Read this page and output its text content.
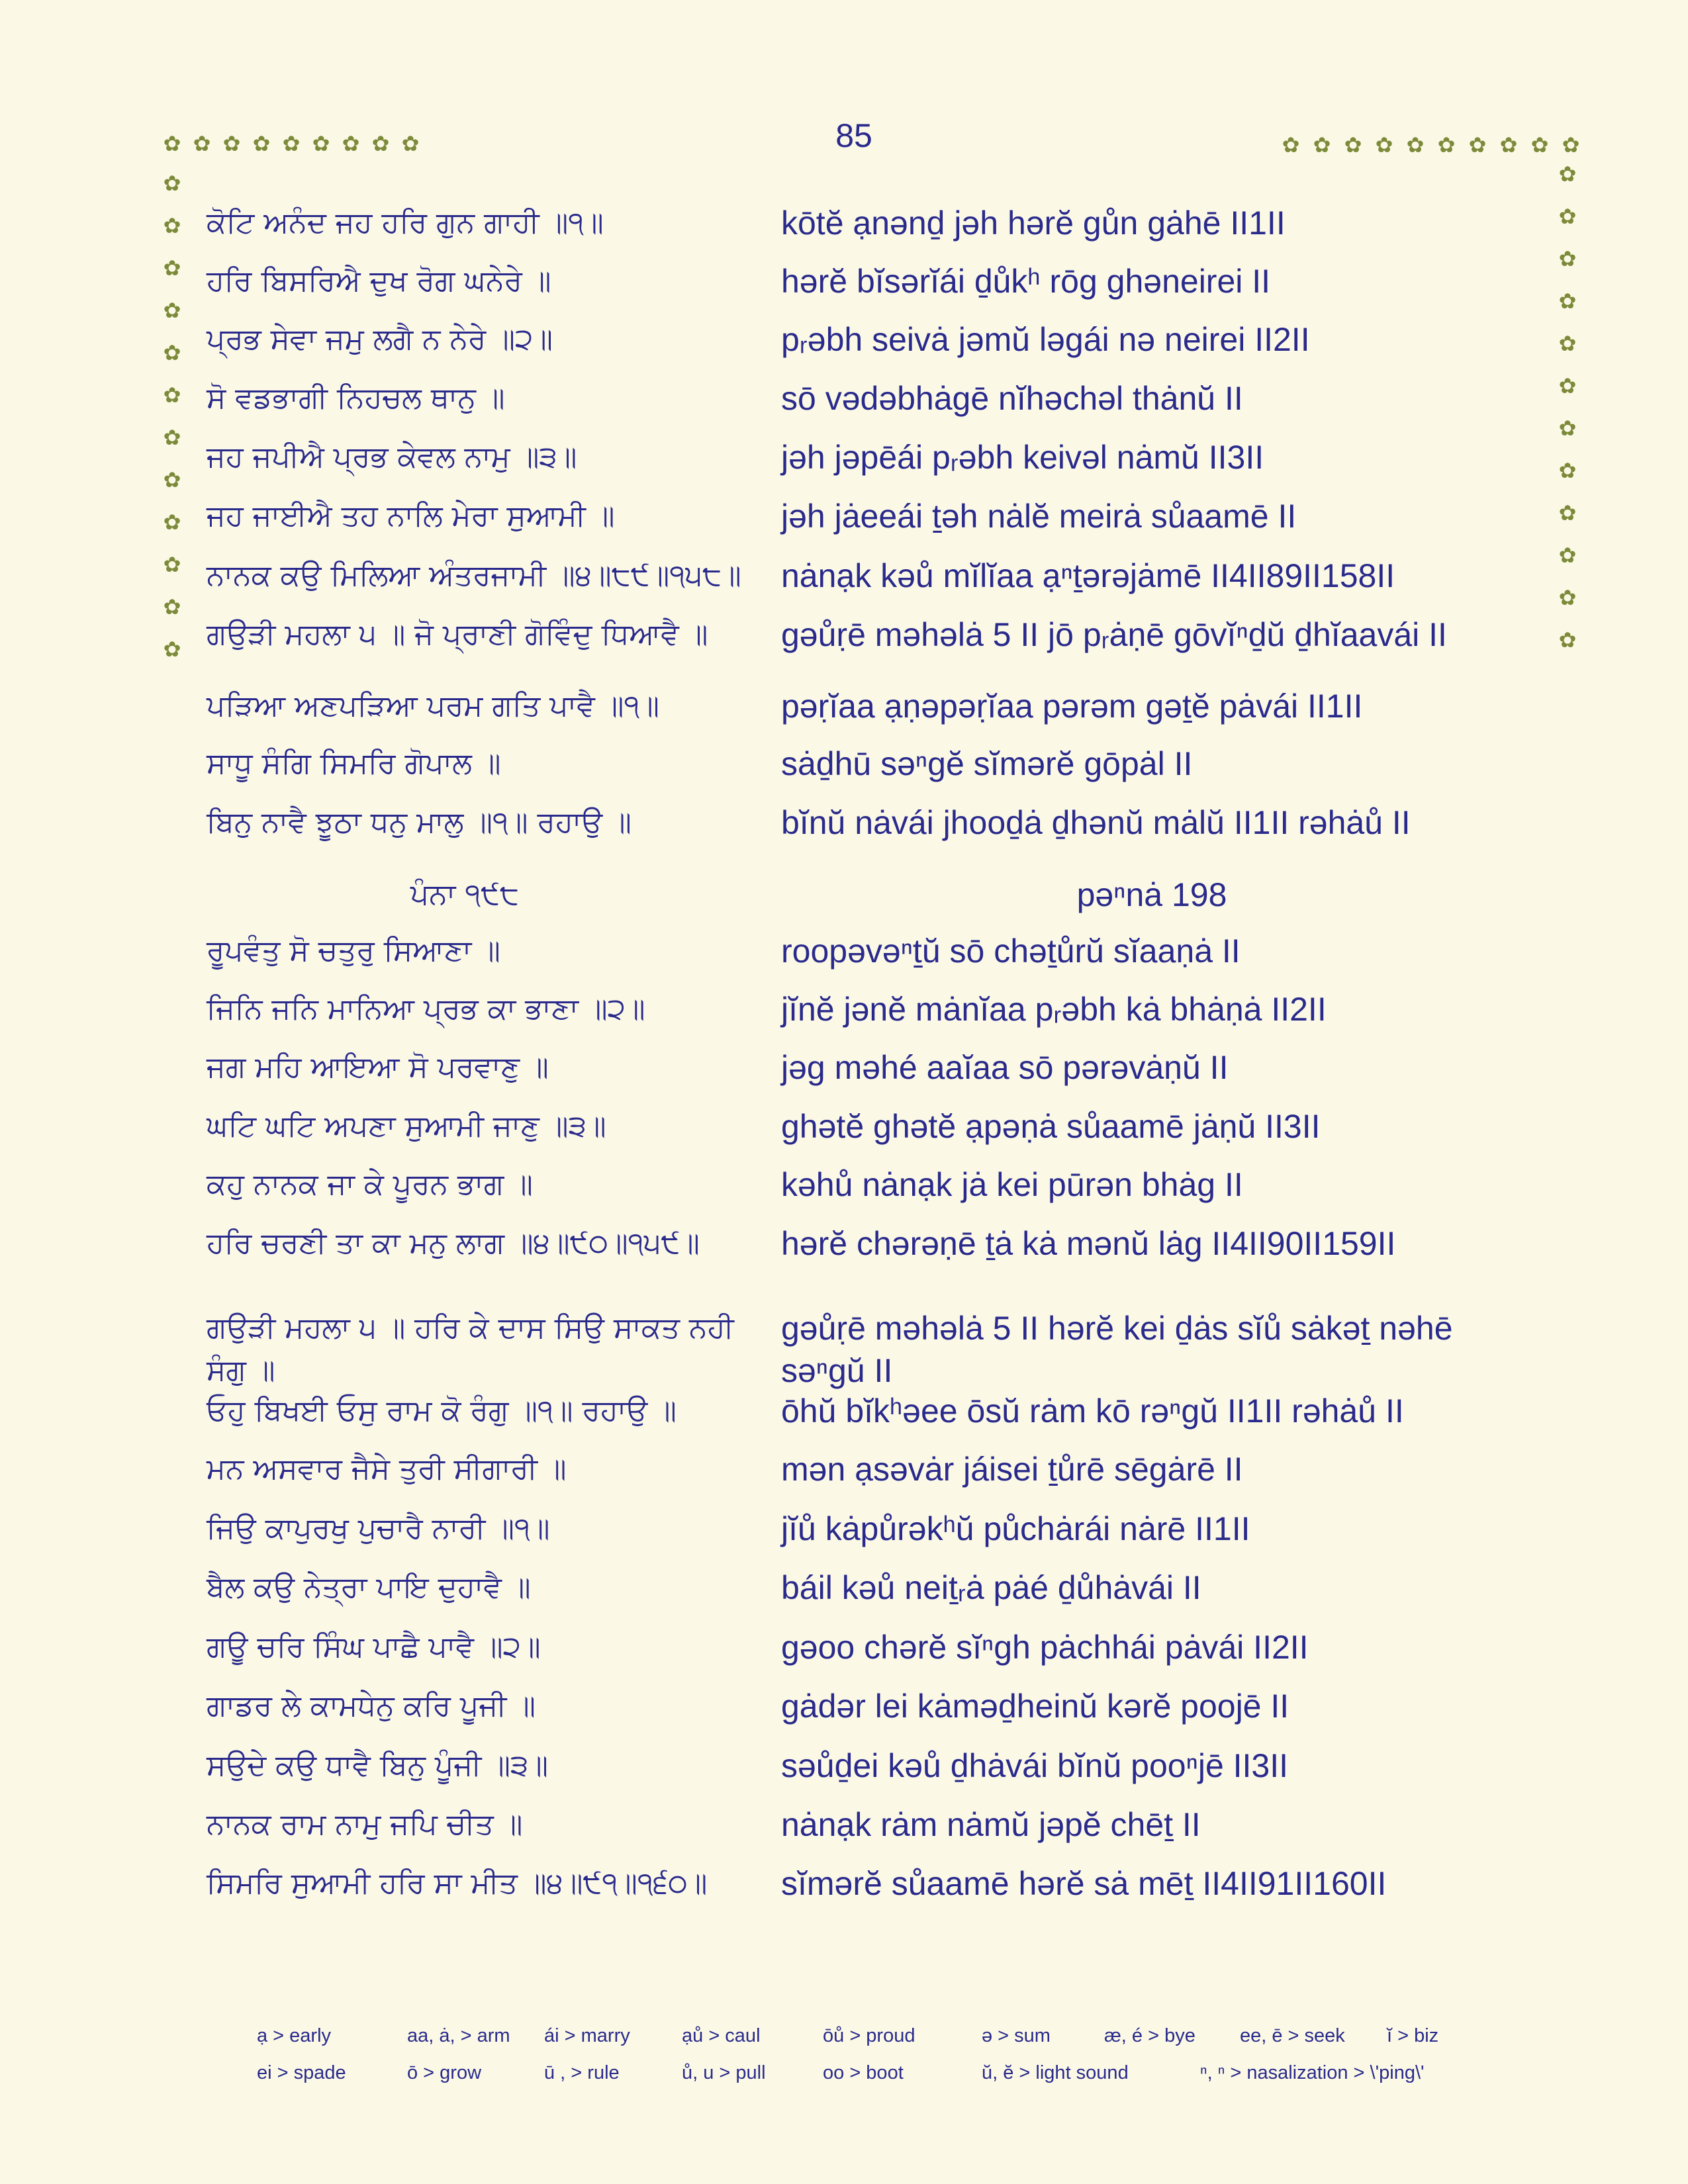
85
✿ ✿ ✿ ✿ ✿ ✿ ✿ ✿ ✿	✿ ✿ ✿ ✿ ✿ ✿ ✿ ✿ ✿ ✿
✿
✿
✿
✿
✿
✿
✿
✿
✿
✿
✿
✿
✿
✿
✿
✿
✿
✿
✿
✿
✿
✿
✿
✿
ਕੋਟਿ ਅਨੰਦ ਜਹ ਹਰਿ ਗੁਨ ਗਾਹੀ ॥੧॥	kōtĕ ạnənḏ jəh hərĕ gůn gȧhē II1II
ਹਰਿ ਬਿਸਰਿਐ ਦੁਖ ਰੋਗ ਘਨੇਰੇ ॥	hərĕ bĭsərĭái ḏůkʰ rōg ghəneirei II
ਪ੍ਰਭ ਸੇਵਾ ਜਮੁ ਲਗੈ ਨ ਨੇਰੇ ॥੨॥	pᵣəbh seivȧ jəmŭ ləgái nə neirei II2II
ਸੋ ਵਡਭਾਗੀ ਨਿਹਚਲ ਥਾਨੁ ॥	sō vədəbhȧgē nĭhəchəl thȧnŭ II
ਜਹ ਜਪੀਐ ਪ੍ਰਭ ਕੇਵਲ ਨਾਮੁ ॥੩॥	jəh jəpēái pᵣəbh keivəl nȧmŭ II3II
ਜਹ ਜਾਈਐ ਤਹ ਨਾਲਿ ਮੇਰਾ ਸੁਆਮੀ ॥	jəh jȧeeái ṯəh nȧlĕ meirȧ sůaamē II
ਨਾਨਕ ਕਉ ਮਿਲਿਆ ਅੰਤਰਜਾਮੀ ॥੪॥੮੯॥੧੫੮॥	nȧnạk kəů mĭlĭaa ạⁿṯərəjȧmē II4II89II158II
ਗਉੜੀ ਮਹਲਾ ੫ ॥ ਜੋ ਪ੍ਰਾਣੀ ਗੋਵਿੰਦੁ ਧਿਆਵੈ ॥	gəůṛē məhəlȧ 5 II jō pᵣȧṇē gōvĭⁿḏŭ ḏhĭaavái II
ਪੜਿਆ ਅਣਪੜਿਆ ਪਰਮ ਗਤਿ ਪਾਵੈ ॥੧॥	pəṛĭaa ạṇəpəṛĭaa pərəm gəṯĕ pȧvái II1II
ਸਾਧੂ ਸੰਗਿ ਸਿਮਰਿ ਗੋਪਾਲ ॥	sȧḏhū səⁿgĕ sĭmərĕ gōpȧl II
ਬਿਨੁ ਨਾਵੈ ਝੂਠਾ ਧਨੁ ਮਾਲੁ ॥੧॥ ਰਹਾਉ ॥	bĭnŭ nȧvái jhooḏȧ ḏhənŭ mȧlŭ II1II rəhȧů II
ਪੰਨਾ ੧੯੮	pəⁿnȧ 198
ਰੂਪਵੰਤੁ ਸੋ ਚਤੁਰੁ ਸਿਆਣਾ ॥	roopəvəⁿṯŭ sō chəṯůrŭ sĭaaṇȧ II
ਜਿਨਿ ਜਨਿ ਮਾਨਿਆ ਪ੍ਰਭ ਕਾ ਭਾਣਾ ॥੨॥	jĭnĕ jənĕ mȧnĭaa pᵣəbh kȧ bhȧṇȧ II2II
ਜਗ ਮਹਿ ਆਇਆ ਸੋ ਪਰਵਾਣੁ ॥	jəg məhé aaĭaa sō pərəvȧṇŭ II
ਘਟਿ ਘਟਿ ਅਪਣਾ ਸੁਆਮੀ ਜਾਣੁ ॥੩॥	ghətĕ ghətĕ ạpəṇȧ sůaamē jȧṇŭ II3II
ਕਹੁ ਨਾਨਕ ਜਾ ਕੇ ਪੂਰਨ ਭਾਗ ॥	kəhů nȧnạk jȧ kei pūrən bhȧg II
ਹਰਿ ਚਰਣੀ ਤਾ ਕਾ ਮਨੁ ਲਾਗ ॥੪॥੯੦॥੧੫੯॥	hərĕ chərəṇē ṯȧ kȧ mənŭ lȧg II4II90II159II
ਗਉੜੀ ਮਹਲਾ ੫ ॥ ਹਰਿ ਕੇ ਦਾਸ ਸਿਉ ਸਾਕਤ ਨਹੀ ਸੰਗੁ ॥
gəůṛē məhəlȧ 5 II hərĕ kei ḏȧs sĭů sȧkəṯ nəhē səⁿgŭ II
ਓਹੁ ਬਿਖਈ ਓਸੁ ਰਾਮ ਕੋ ਰੰਗੁ ॥੧॥ ਰਹਾਉ ॥	ōhŭ bĭkʰəee ōsŭ rȧm kō rəⁿgŭ II1II rəhȧů II
ਮਨ ਅਸਵਾਰ ਜੈਸੇ ਤੁਰੀ ਸੀਗਾਰੀ ॥	mən ạsəvȧr jáisei ṯůrē sēgȧrē II
ਜਿਉ ਕਾਪੁਰਖੁ ਪੁਚਾਰੈ ਨਾਰੀ ॥੧॥	jĭů kȧpůrəkʰŭ půchȧrái nȧrē II1II
ਬੈਲ ਕਉ ਨੇਤ੍ਰਾ ਪਾਇ ਦੁਹਾਵੈ ॥	báil kəů neiṯᵣȧ pȧé ḏůhȧvái II
ਗਊ ਚਰਿ ਸਿੰਘ ਪਾਛੈ ਪਾਵੈ ॥੨॥	gəoo chərĕ sĭⁿgh pȧchhái pȧvái II2II
ਗਾਡਰ ਲੇ ਕਾਮਧੇਨੁ ਕਰਿ ਪੂਜੀ ॥	gȧdər lei kȧməḏheinŭ kərĕ poojē II
ਸਉਦੇ ਕਉ ਧਾਵੈ ਬਿਨੁ ਪੂੰਜੀ ॥੩॥	səůḏei kəů ḏhȧvái bĭnŭ pooⁿjē II3II
ਨਾਨਕ ਰਾਮ ਨਾਮੁ ਜਪਿ ਚੀਤ ॥	nȧnạk rȧm nȧmŭ jəpĕ chēṯ II
ਸਿਮਰਿ ਸੁਆਮੀ ਹਰਿ ਸਾ ਮੀਤ ॥੪॥੯੧॥੧੬੦॥	sĭmərĕ sůaamē hərĕ sȧ mēṯ II4II91II160II
ạ > early	aa, ȧ, > arm ái > marry	ạů > caul	ōů > proud	ə > sum	æ, é > bye ee, ē > seek ĭ > biz
ei > spade	ō > grow	ū , > rule	ů, u > pull	oo > boot	ŭ, ĕ > light sound	ⁿ, ⁿ > nasalization > \'ping\'
